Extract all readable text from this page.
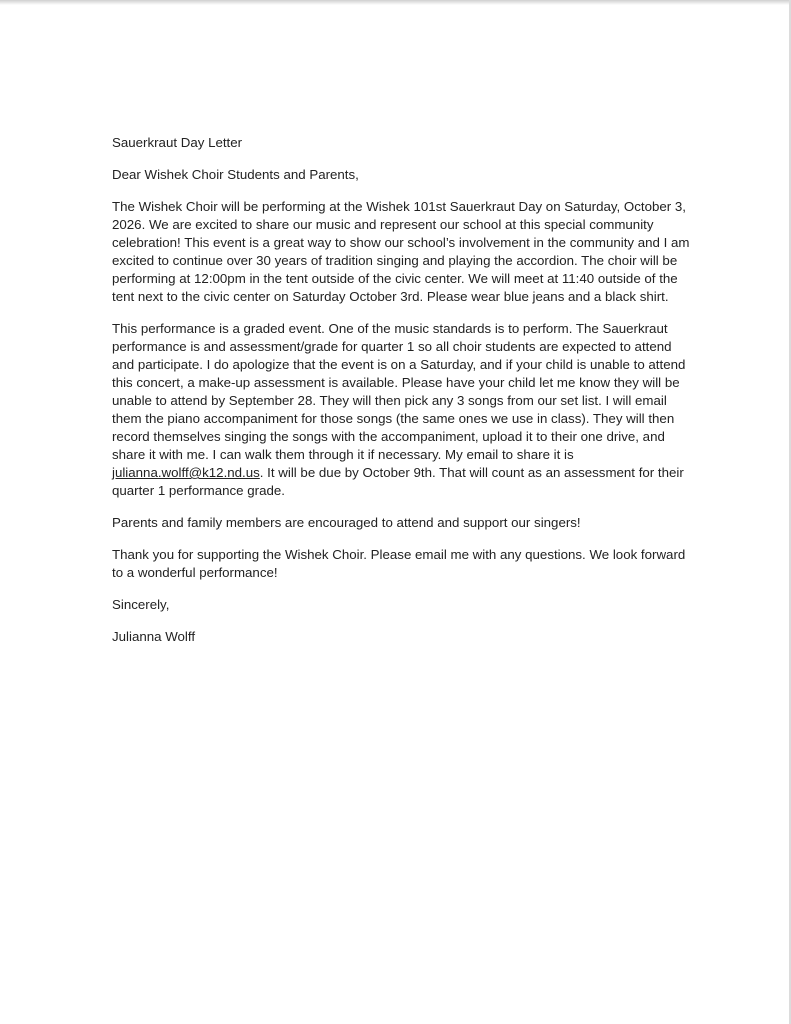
Sauerkraut Day Letter

Dear Wishek Choir Students and Parents,

The Wishek Choir will be performing at the Wishek 101st Sauerkraut Day on Saturday, October 3, 2026. We are excited to share our music and represent our school at this special community celebration! This event is a great way to show our school’s involvement in the community and I am excited to continue over 30 years of tradition singing and playing the accordion. The choir will be performing at 12:00pm in the tent outside of the civic center. We will meet at 11:40 outside of the tent next to the civic center on Saturday October 3rd. Please wear blue jeans and a black shirt.

This performance is a graded event. One of the music standards is to perform. The Sauerkraut performance is and assessment/grade for quarter 1 so all choir students are expected to attend and participate. I do apologize that the event is on a Saturday, and if your child is unable to attend this concert, a make-up assessment is available. Please have your child let me know they will be unable to attend by September 28. They will then pick any 3 songs from our set list. I will email them the piano accompaniment for those songs (the same ones we use in class). They will then record themselves singing the songs with the accompaniment, upload it to their one drive, and share it with me. I can walk them through it if necessary. My email to share it is julianna.wolff@k12.nd.us. It will be due by October 9th. That will count as an assessment for their quarter 1 performance grade.

Parents and family members are encouraged to attend and support our singers!

Thank you for supporting the Wishek Choir. Please email me with any questions. We look forward to a wonderful performance!

Sincerely,

Julianna Wolff
